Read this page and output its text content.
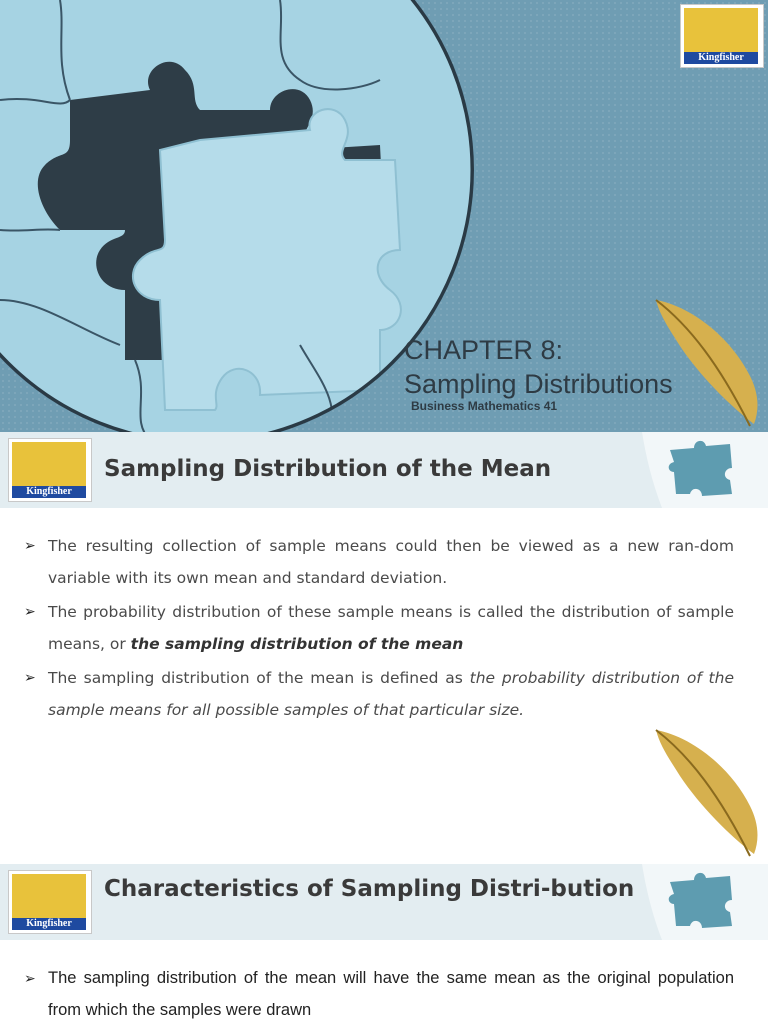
Kingfisher
CHAPTER 8:
Sampling Distributions
Business Mathematics 41
Kingfisher
Sampling Distribution of the Mean
➢ The resulting collection of sample means could then be viewed as a new ran-dom variable with its own mean and standard deviation.
➢ The probability distribution of these sample means is called the distribution of sample means, or the sampling distribution of the mean
➢ The sampling distribution of the mean is defined as the probability distribution of the sample means for all possible samples of that particular size.
Kingfisher
Characteristics of Sampling Distri-bution
➢ The sampling distribution of the mean will have the same mean as the original population from which the samples were drawn
